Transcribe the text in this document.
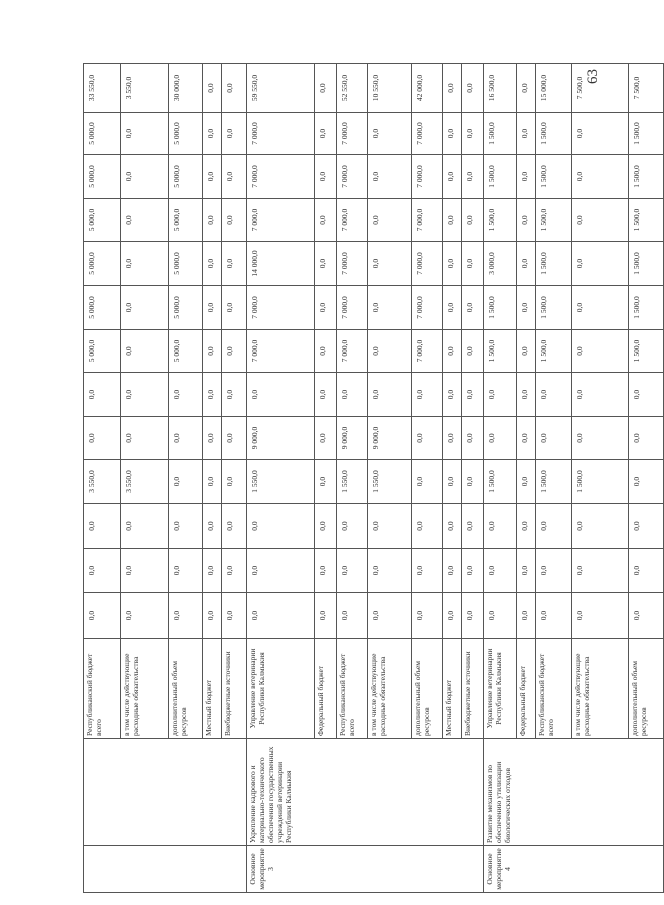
63
		Республиканский бюджет всего	0,0	0,0	0,0	3 550,0	0,0	0,0	5 000,0	5 000,0	5 000,0	5 000,0	5 000,0	5 000,0	33 550,0
		в том числе действующие расходные обязательства	0,0	0,0	0,0	3 550,0	0,0	0,0	0,0	0,0	0,0	0,0	0,0	0,0	3 550,0
		дополнительный объем ресурсов	0,0	0,0	0,0	0,0	0,0	0,0	5 000,0	5 000,0	5 000,0	5 000,0	5 000,0	5 000,0	30 000,0
		Местный бюджет	0,0	0,0	0,0	0,0	0,0	0,0	0,0	0,0	0,0	0,0	0,0	0,0	0,0
		Внебюджетные источники	0,0	0,0	0,0	0,0	0,0	0,0	0,0	0,0	0,0	0,0	0,0	0,0	0,0
Основное мероприятие 3	Укрепление кадрового и материально-технического обеспечения государственных учреждений ветеринарии Республики Калмыкия	Управление ветеринарии Республики Калмыкия	0,0	0,0	0,0	1 550,0	9 000,0	0,0	7 000,0	7 000,0	14 000,0	7 000,0	7 000,0	7 000,0	59 550,0
		Федеральный бюджет	0,0	0,0	0,0	0,0	0,0	0,0	0,0	0,0	0,0	0,0	0,0	0,0	0,0
		Республиканский бюджет всего	0,0	0,0	0,0	1 550,0	9 000,0	0,0	7 000,0	7 000,0	7 000,0	7 000,0	7 000,0	7 000,0	52 550,0
		в том числе действующие расходные обязательства	0,0	0,0	0,0	1 550,0	9 000,0	0,0	0,0	0,0	0,0	0,0	0,0	0,0	10 550,0
		дополнительный объем ресурсов	0,0	0,0	0,0	0,0	0,0	0,0	7 000,0	7 000,0	7 000,0	7 000,0	7 000,0	7 000,0	42 000,0
		Местный бюджет	0,0	0,0	0,0	0,0	0,0	0,0	0,0	0,0	0,0	0,0	0,0	0,0	0,0
		Внебюджетные источники	0,0	0,0	0,0	0,0	0,0	0,0	0,0	0,0	0,0	0,0	0,0	0,0	0,0
Основное мероприятие 4	Развитие механизмов по обеспечению утилизации биологических отходов	Управление ветеринарии Республики Калмыкия	0,0	0,0	0,0	1 500,0	0,0	0,0	1 500,0	1 500,0	3 000,0	1 500,0	1 500,0	1 500,0	16 500,0
		Федеральный бюджет	0,0	0,0	0,0	0,0	0,0	0,0	0,0	0,0	0,0	0,0	0,0	0,0	0,0
		Республиканский бюджет всего	0,0	0,0	0,0	1 500,0	0,0	0,0	1 500,0	1 500,0	1 500,0	1 500,0	1 500,0	1 500,0	15 000,0
		в том числе действующие расходные обязательства	0,0	0,0	0,0	1 500,0	0,0	0,0	0,0	0,0	0,0	0,0	0,0	0,0	7 500,0
		дополнительный объем ресурсов	0,0	0,0	0,0	0,0	0,0	0,0	1 500,0	1 500,0	1 500,0	1 500,0	1 500,0	1 500,0	7 500,0
